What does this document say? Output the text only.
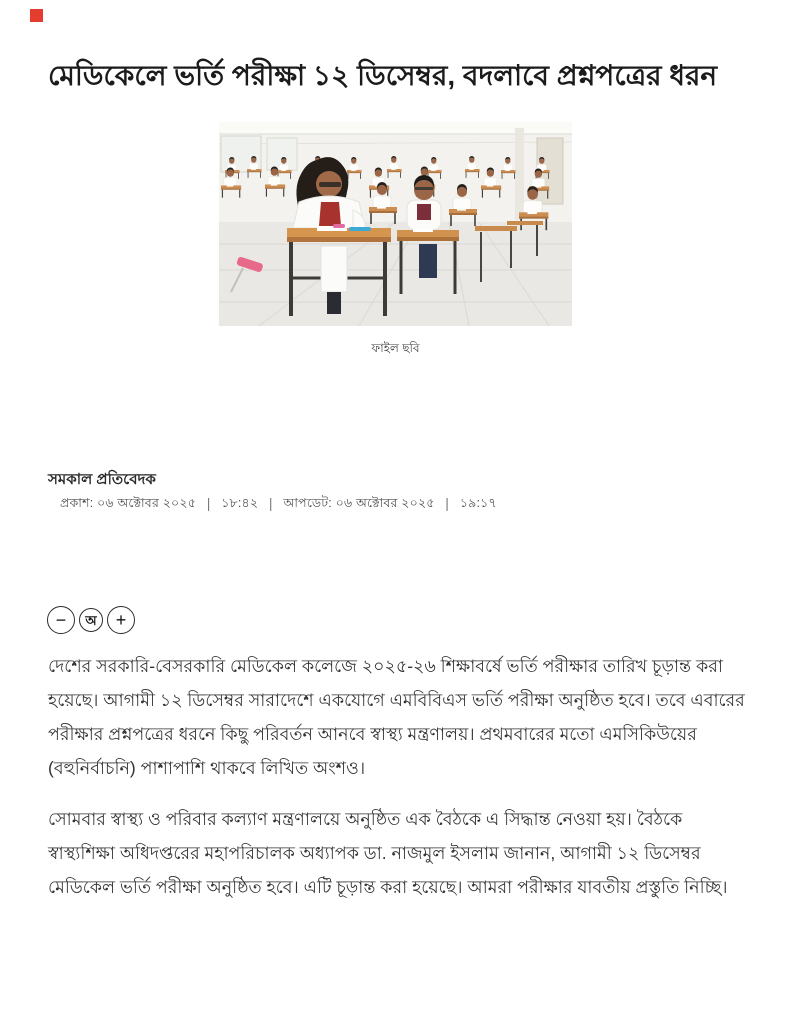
মেডিকেলে ভর্তি পরীক্ষা ১২ ডিসেম্বর, বদলাবে প্রশ্নপত্রের ধরন
ফাইল ছবি
সমকাল প্রতিবেদক
প্রকাশ: ০৬ অক্টোবর ২০২৫ | ১৮:৪২ | আপডেট: ০৬ অক্টোবর ২০২৫ | ১৯:১৭
−	অ	+

দেশের সরকারি-বেসরকারি মেডিকেল কলেজে ২০২৫-২৬ শিক্ষাবর্ষে ভর্তি পরীক্ষার তারিখ চূড়ান্ত করা হয়েছে। আগামী ১২ ডিসেম্বর সারাদেশে একযোগে এমবিবিএস ভর্তি পরীক্ষা অনুষ্ঠিত হবে। তবে এবারের পরীক্ষার প্রশ্নপত্রের ধরনে কিছু পরিবর্তন আনবে স্বাস্থ্য মন্ত্রণালয়। প্রথমবারের মতো এমসিকিউয়ের (বহুনির্বাচনি) পাশাপাশি থাকবে লিখিত অংশও।

সোমবার স্বাস্থ্য ও পরিবার কল্যাণ মন্ত্রণালয়ে অনুষ্ঠিত এক বৈঠকে এ সিদ্ধান্ত নেওয়া হয়। বৈঠকে স্বাস্থ্যশিক্ষা অধিদপ্তরের মহাপরিচালক অধ্যাপক ডা. নাজমুল ইসলাম জানান, আগামী ১২ ডিসেম্বর মেডিকেল ভর্তি পরীক্ষা অনুষ্ঠিত হবে। এটি চূড়ান্ত করা হয়েছে। আমরা পরীক্ষার যাবতীয় প্রস্তুতি নিচ্ছি।
